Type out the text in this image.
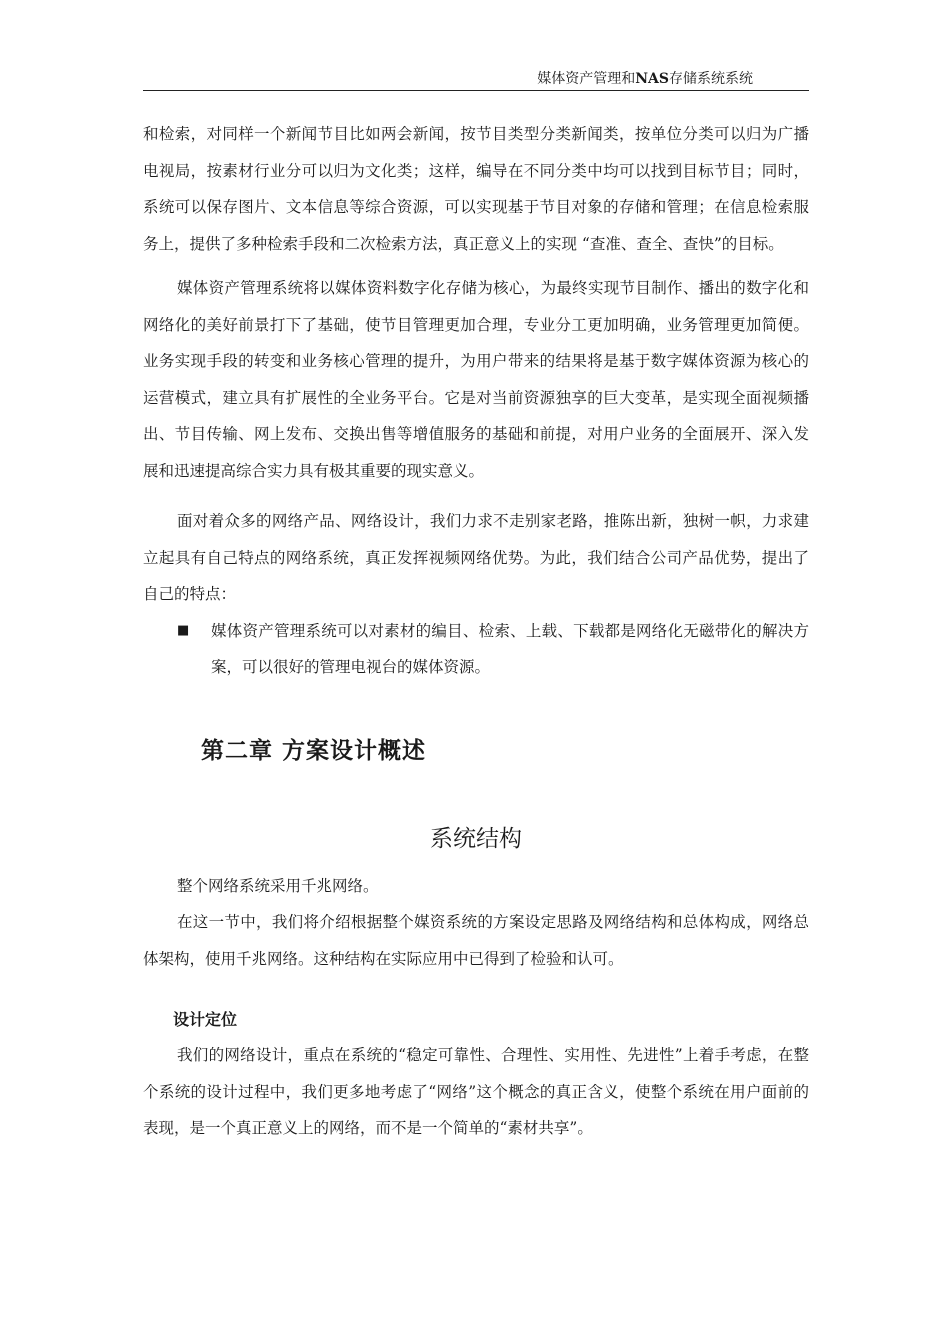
媒体资产管理和NAS存储系统系统

和检索，对同样一个新闻节目比如两会新闻，按节目类型分类新闻类，按单位分类可以归为广播电视局，按素材行业分可以归为文化类；这样，编导在不同分类中均可以找到目标节目；同时，系统可以保存图片、文本信息等综合资源，可以实现基于节目对象的存储和管理；在信息检索服务上，提供了多种检索手段和二次检索方法，真正意义上的实现 “查准、查全、查快”的目标。

媒体资产管理系统将以媒体资料数字化存储为核心，为最终实现节目制作、播出的数字化和网络化的美好前景打下了基础，使节目管理更加合理，专业分工更加明确，业务管理更加简便。业务实现手段的转变和业务核心管理的提升，为用户带来的结果将是基于数字媒体资源为核心的运营模式，建立具有扩展性的全业务平台。它是对当前资源独享的巨大变革，是实现全面视频播出、节目传输、网上发布、交换出售等增值服务的基础和前提，对用户业务的全面展开、深入发展和迅速提高综合实力具有极其重要的现实意义。

面对着众多的网络产品、网络设计，我们力求不走别家老路，推陈出新，独树一帜，力求建立起具有自己特点的网络系统，真正发挥视频网络优势。为此，我们结合公司产品优势，提出了自己的特点：

■	媒体资产管理系统可以对素材的编目、检索、上载、下载都是网络化无磁带化的解决方案，可以很好的管理电视台的媒体资源。

第二章 方案设计概述
系统结构

整个网络系统采用千兆网络。

在这一节中，我们将介绍根据整个媒资系统的方案设定思路及网络结构和总体构成，网络总体架构，使用千兆网络。这种结构在实际应用中已得到了检验和认可。

设计定位

我们的网络设计，重点在系统的“稳定可靠性、合理性、实用性、先进性”上着手考虑，在整个系统的设计过程中，我们更多地考虑了“网络”这个概念的真正含义，使整个系统在用户面前的表现，是一个真正意义上的网络，而不是一个简单的“素材共享”。
